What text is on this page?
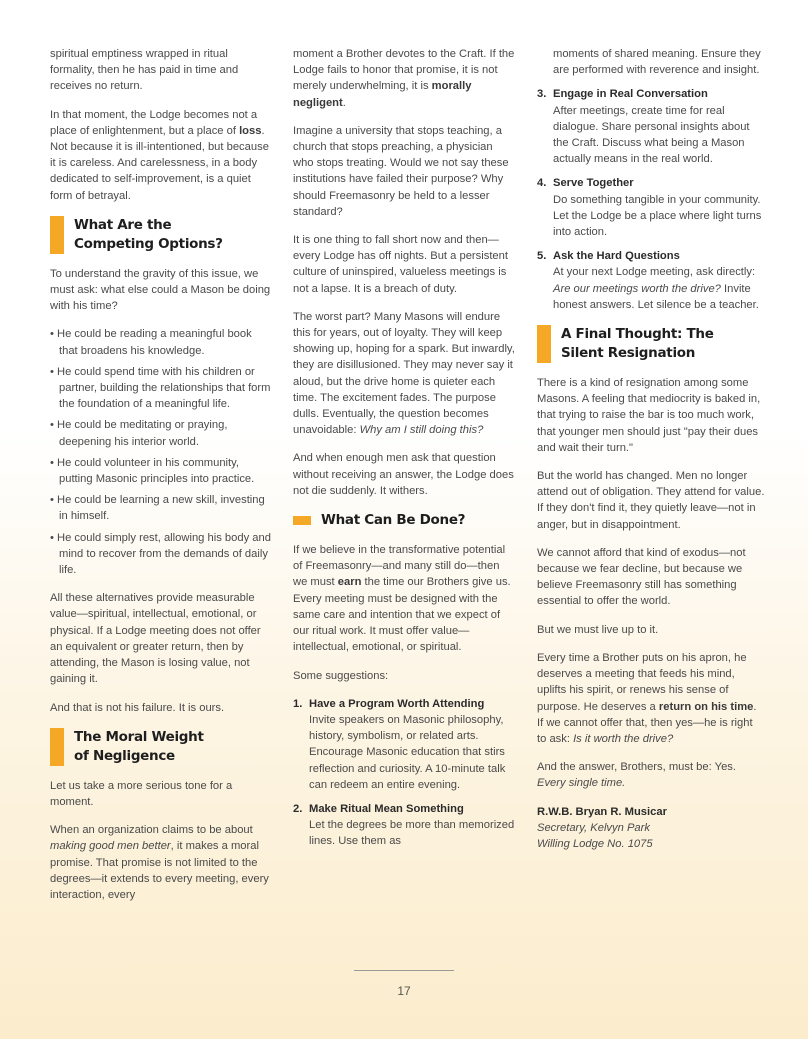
spiritual emptiness wrapped in ritual formality, then he has paid in time and receives no return.

In that moment, the Lodge becomes not a place of enlightenment, but a place of loss. Not because it is ill-intentioned, but because it is careless. And carelessness, in a body dedicated to self-improvement, is a quiet form of betrayal.

What Are the Competing Options?

To understand the gravity of this issue, we must ask: what else could a Mason be doing with his time?

• He could be reading a meaningful book that broadens his knowledge.
• He could spend time with his children or partner, building the relationships that form the foundation of a meaningful life.
• He could be meditating or praying, deepening his interior world.
• He could volunteer in his community, putting Masonic principles into practice.
• He could be learning a new skill, investing in himself.
• He could simply rest, allowing his body and mind to recover from the demands of daily life.

All these alternatives provide measurable value—spiritual, intellectual, emotional, or physical. If a Lodge meeting does not offer an equivalent or greater return, then by attending, the Mason is losing value, not gaining it.

And that is not his failure. It is ours.

The Moral Weight of Negligence

Let us take a more serious tone for a moment.

When an organization claims to be about making good men better, it makes a moral promise. That promise is not limited to the degrees—it extends to every meeting, every interaction, every

moment a Brother devotes to the Craft. If the Lodge fails to honor that promise, it is not merely underwhelming, it is morally negligent.

Imagine a university that stops teaching, a church that stops preaching, a physician who stops treating. Would we not say these institutions have failed their purpose? Why should Freemasonry be held to a lesser standard?

It is one thing to fall short now and then—every Lodge has off nights. But a persistent culture of uninspired, valueless meetings is not a lapse. It is a breach of duty.

The worst part? Many Masons will endure this for years, out of loyalty. They will keep showing up, hoping for a spark. But inwardly, they are disillusioned. They may never say it aloud, but the drive home is quieter each time. The excitement fades. The purpose dulls. Eventually, the question becomes unavoidable: Why am I still doing this?

And when enough men ask that question without receiving an answer, the Lodge does not die suddenly. It withers.

What Can Be Done?

If we believe in the transformative potential of Freemasonry—and many still do—then we must earn the time our Brothers give us. Every meeting must be designed with the same care and intention that we expect of our ritual work. It must offer value—intellectual, emotional, or spiritual.

Some suggestions:

1. Have a Program Worth Attending
Invite speakers on Masonic philosophy, history, symbolism, or related arts. Encourage Masonic education that stirs reflection and curiosity. A 10-minute talk can redeem an entire evening.
2. Make Ritual Mean Something
Let the degrees be more than memorized lines. Use them as

moments of shared meaning. Ensure they are performed with reverence and insight.

3. Engage in Real Conversation
After meetings, create time for real dialogue. Share personal insights about the Craft. Discuss what being a Mason actually means in the real world.
4. Serve Together
Do something tangible in your community. Let the Lodge be a place where light turns into action.
5. Ask the Hard Questions
At your next Lodge meeting, ask directly: Are our meetings worth the drive? Invite honest answers. Let silence be a teacher.
A Final Thought: The Silent Resignation

There is a kind of resignation among some Masons. A feeling that mediocrity is baked in, that trying to raise the bar is too much work, that younger men should just "pay their dues and wait their turn."

But the world has changed. Men no longer attend out of obligation. They attend for value. If they don't find it, they quietly leave—not in anger, but in disappointment.

We cannot afford that kind of exodus—not because we fear decline, but because we believe Freemasonry still has something essential to offer the world.

But we must live up to it.

Every time a Brother puts on his apron, he deserves a meeting that feeds his mind, uplifts his spirit, or renews his sense of purpose. He deserves a return on his time. If we cannot offer that, then yes—he is right to ask: Is it worth the drive?

And the answer, Brothers, must be: Yes. Every single time.

R.W.B. Bryan R. Musicar
Secretary, Kelvyn Park
Willing Lodge No. 1075
17
